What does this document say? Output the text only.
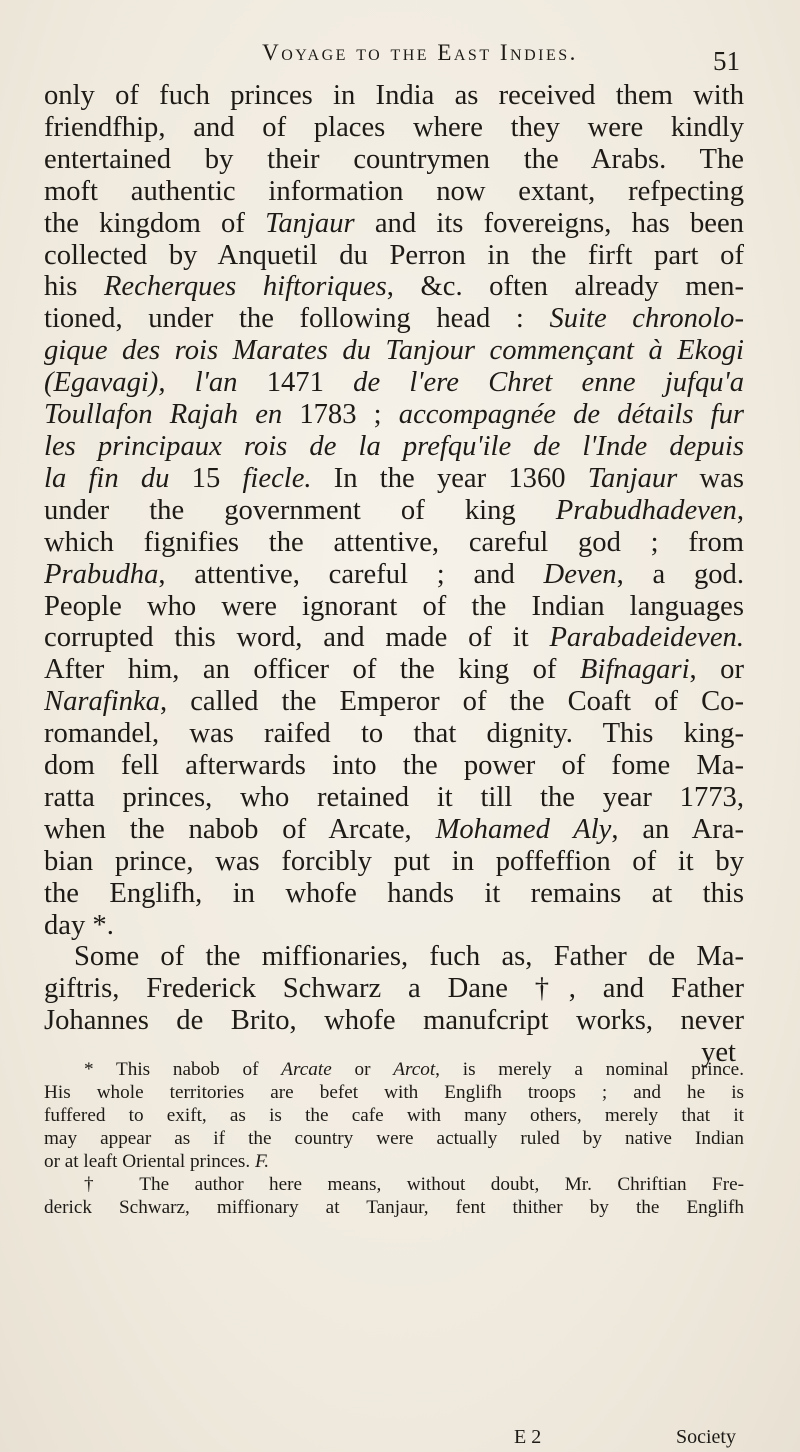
Voyage to the East Indies.	51
only of fuch princes in India as received them with
friendfhip, and of places where they were kindly
entertained by their countrymen the Arabs. The
moft authentic information now extant, refpecting
the kingdom of Tanjaur and its fovereigns, has been
collected by Anquetil du Perron in the firft part of
his Recherques hiftoriques, &c. often already men-
tioned, under the following head : Suite chronolo-
gique des rois Marates du Tanjour commençant à Ekogi
(Egavagi), l'an 1471 de l'ere Chret enne jufqu'a
Toullafon Rajah en 1783 ; accompagnée de détails fur
les principaux rois de la prefqu'ile de l'Inde depuis
la fin du 15 fiecle. In the year 1360 Tanjaur was
under the government of king Prabudhadeven,
which fignifies the attentive, careful god ; from
Prabudha, attentive, careful ; and Deven, a god.
People who were ignorant of the Indian languages
corrupted this word, and made of it Parabadeideven.
After him, an officer of the king of Bifnagari, or
Narafinka, called the Emperor of the Coaft of Co-
romandel, was raifed to that dignity. This king-
dom fell afterwards into the power of fome Ma-
ratta princes, who retained it till the year 1773,
when the nabob of Arcate, Mohamed Aly, an Ara-
bian prince, was forcibly put in poffeffion of it by
the Englifh, in whofe hands it remains at this
day *.
Some of the miffionaries, fuch as, Father de Ma-
giftris, Frederick Schwarz a Dane †, and Father
Johannes de Brito, whofe manufcript works, never
yet
* This nabob of Arcate or Arcot, is merely a nominal prince.
His whole territories are befet with Englifh troops ; and he is
fuffered to exift, as is the cafe with many others, merely that it
may appear as if the country were actually ruled by native Indian
or at leaft Oriental princes. F.
† The author here means, without doubt, Mr. Chriftian Fre-
derick Schwarz, miffionary at Tanjaur, fent thither by the Englifh
E 2	Society
